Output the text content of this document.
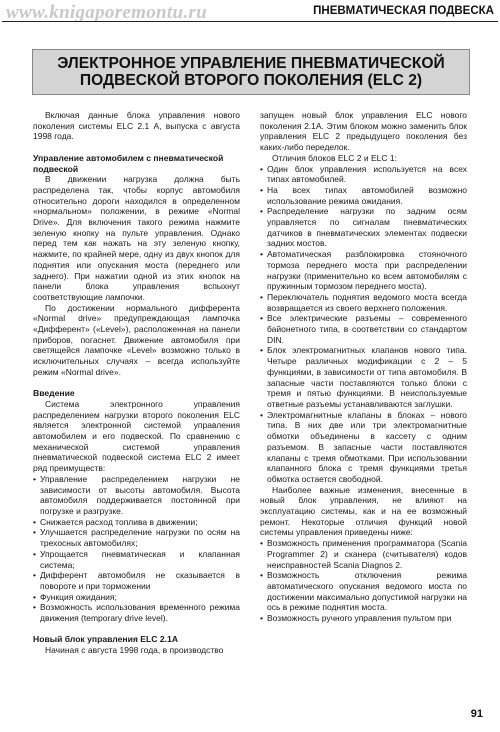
www.knigaporemontu.ru	ПНЕВМАТИЧЕСКАЯ ПОДВЕСКА
ЭЛЕКТРОННОЕ УПРАВЛЕНИЕ ПНЕВМАТИЧЕСКОЙ
ПОДВЕСКОЙ ВТОРОГО ПОКОЛЕНИЯ (ELC 2)

Включая данные блока управления нового поколения системы ELC 2.1 А, выпуска с августа 1998 года.

Управление автомобилем с пневматической подвеской

В движении нагрузка должна быть распределена так, чтобы корпус автомобиля относительно дороги находился в определенном «нормальном» положении, в режиме «Normal Drive». Для включения такого режима нажмите зеленую кнопку на пульте управления. Однако перед тем как нажать на эту зеленую кнопку, нажмите, по крайней мере, одну из двух кнопок для поднятия или опускания моста (переднего или заднего). При нажатии одной из этих кнопок на панели блока управления вспыхнут соответствующие лампочки.

По достижении нормального дифферента «Normal drive» предупреждающая лампочка «Дифферент» («Level»), расположенная на панели приборов, погаснет. Движение автомобиля при светящейся лампочке «Level» возможно только в исключительных случаях – всегда используйте режим «Normal drive».

Введение

Система электронного управления распределением нагрузки второго поколения ELC является электронной системой управления автомобилем и его подвеской. По сравнению с механической системой управления пневматической подвеской система ELC 2 имеет ряд преимуществ:

• Управление распределением нагрузки не зависимости от высоты автомобиля. Высота автомобиля поддерживается постоянной при погрузке и разгрузке.
• Снижается расход топлива в движении;
• Улучшается распределение нагрузки по осям на трехосных автомобилях;
• Упрощается пневматическая и клапанная система;
• Дифферент автомобиля не сказывается в повороте и при торможении
• Функция ожидания;
• Возможность использования временного режима движения (temporary drive level).
Новый блок управления ELC 2.1A

Начиная с августа 1998 года, в производство

запущен новый блок управления ELC нового поколения 2.1А. Этим блоком можно заменить блок управления ELC 2 предыдущего поколения без каких-либо переделок.

Отличия блоков ELC 2 и ELC 1:

• Один блок управления используется на всех типах автомобилей.
• На всех типах автомобилей возможно использование режима ожидания.
• Распределение нагрузки по задним осям управляется по сигналам пневматических датчиков в пневматических элементах подвески задних мостов.
• Автоматическая разблокировка стояночного тормоза переднего моста при распределении нагрузки (применительно ко всем автомобилям с пружинным тормозом переднего моста).
• Переключатель поднятия ведомого моста всегда возвращается из своего верхнего положения.
• Все электрические разъемы – современного байонетного типа, в соответствии со стандартом DIN.
• Блок электромагнитных клапанов нового типа. Четыре различных модификации с 2 – 5 функциями, в зависимости от типа автомобиля. В запасные части поставляются только блоки с тремя и пятью функциями. В неиспользуемые ответные разъемы устанавливаются заглушки.
• Электромагнитные клапаны в блоках – нового типа. В них две или три электромагнитные обмотки объединены в кассету с одним разъемом. В запасные части поставляются клапаны с тремя обмотками. При использовании клапанного блока с тремя функциями третья обмотка остается свободной.

Наиболее важные изменения, внесенные в новый блок управления, не влияют на эксплуатацию системы, как и на ее возможный ремонт. Некоторые отличия функций новой системы управления приведены ниже:

• Возможность применения программатора (Scania Programmer 2) и сканера (считывателя) кодов неисправностей Scania Diagnos 2.
• Возможность отключения режима автоматического опускания ведомого моста по достижении максимально допустимой нагрузки на ось в режиме поднятия моста.
• Возможность ручного управления пультом при
91
